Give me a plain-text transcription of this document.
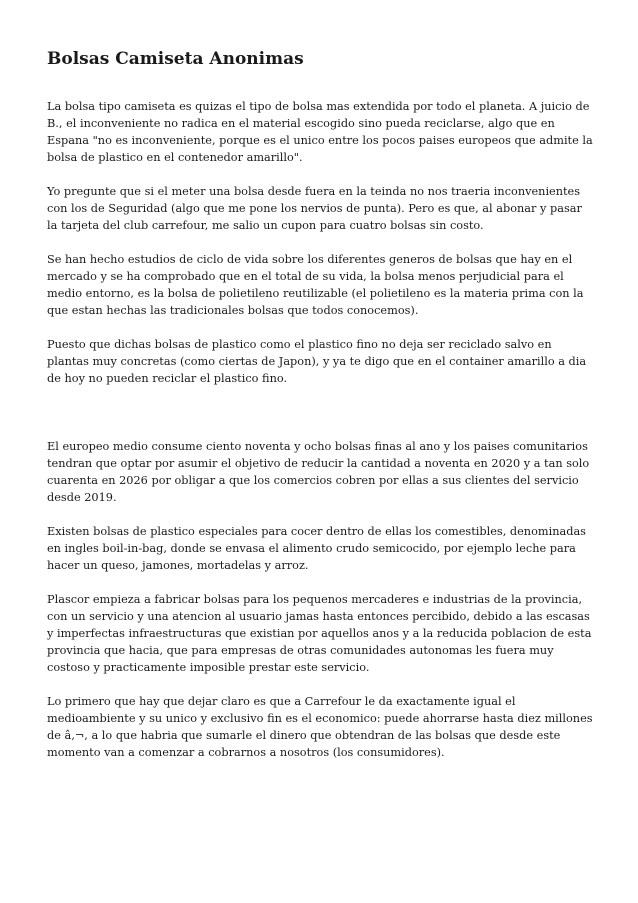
Bolsas Camiseta Anonimas

La bolsa tipo camiseta es quizas el tipo de bolsa mas extendida por todo el planeta. A juicio de B., el inconveniente no radica en el material escogido sino pueda reciclarse, algo que en Espana "no es inconveniente, porque es el unico entre los pocos paises europeos que admite la bolsa de plastico en el contenedor amarillo".

Yo pregunte que si el meter una bolsa desde fuera en la teinda no nos traeria inconvenientes con los de Seguridad (algo que me pone los nervios de punta). Pero es que, al abonar y pasar la tarjeta del club carrefour, me salio un cupon para cuatro bolsas sin costo.

Se han hecho estudios de ciclo de vida sobre los diferentes generos de bolsas que hay en el mercado y se ha comprobado que en el total de su vida, la bolsa menos perjudicial para el medio entorno, es la bolsa de polietileno reutilizable (el polietileno es la materia prima con la que estan hechas las tradicionales bolsas que todos conocemos).

Puesto que dichas bolsas de plastico como el plastico fino no deja ser reciclado salvo en plantas muy concretas (como ciertas de Japon), y ya te digo que en el container amarillo a dia de hoy no pueden reciclar el plastico fino.

El europeo medio consume ciento noventa y ocho bolsas finas al ano y los paises comunitarios tendran que optar por asumir el objetivo de reducir la cantidad a noventa en 2020 y a tan solo cuarenta en 2026 por obligar a que los comercios cobren por ellas a sus clientes del servicio desde 2019.

Existen bolsas de plastico especiales para cocer dentro de ellas los comestibles, denominadas en ingles boil-in-bag, donde se envasa el alimento crudo semicocido, por ejemplo leche para hacer un queso, jamones, mortadelas y arroz.

Plascor empieza a fabricar bolsas para los pequenos mercaderes e industrias de la provincia, con un servicio y una atencion al usuario jamas hasta entonces percibido, debido a las escasas y imperfectas infraestructuras que existian por aquellos anos y a la reducida poblacion de esta provincia que hacia, que para empresas de otras comunidades autonomas les fuera muy costoso y practicamente imposible prestar este servicio.

Lo primero que hay que dejar claro es que a Carrefour le da exactamente igual el medioambiente y su unico y exclusivo fin es el economico: puede ahorrarse hasta diez millones de â‚¬, a lo que habria que sumarle el dinero que obtendran de las bolsas que desde este momento van a comenzar a cobrarnos a nosotros (los consumidores).
